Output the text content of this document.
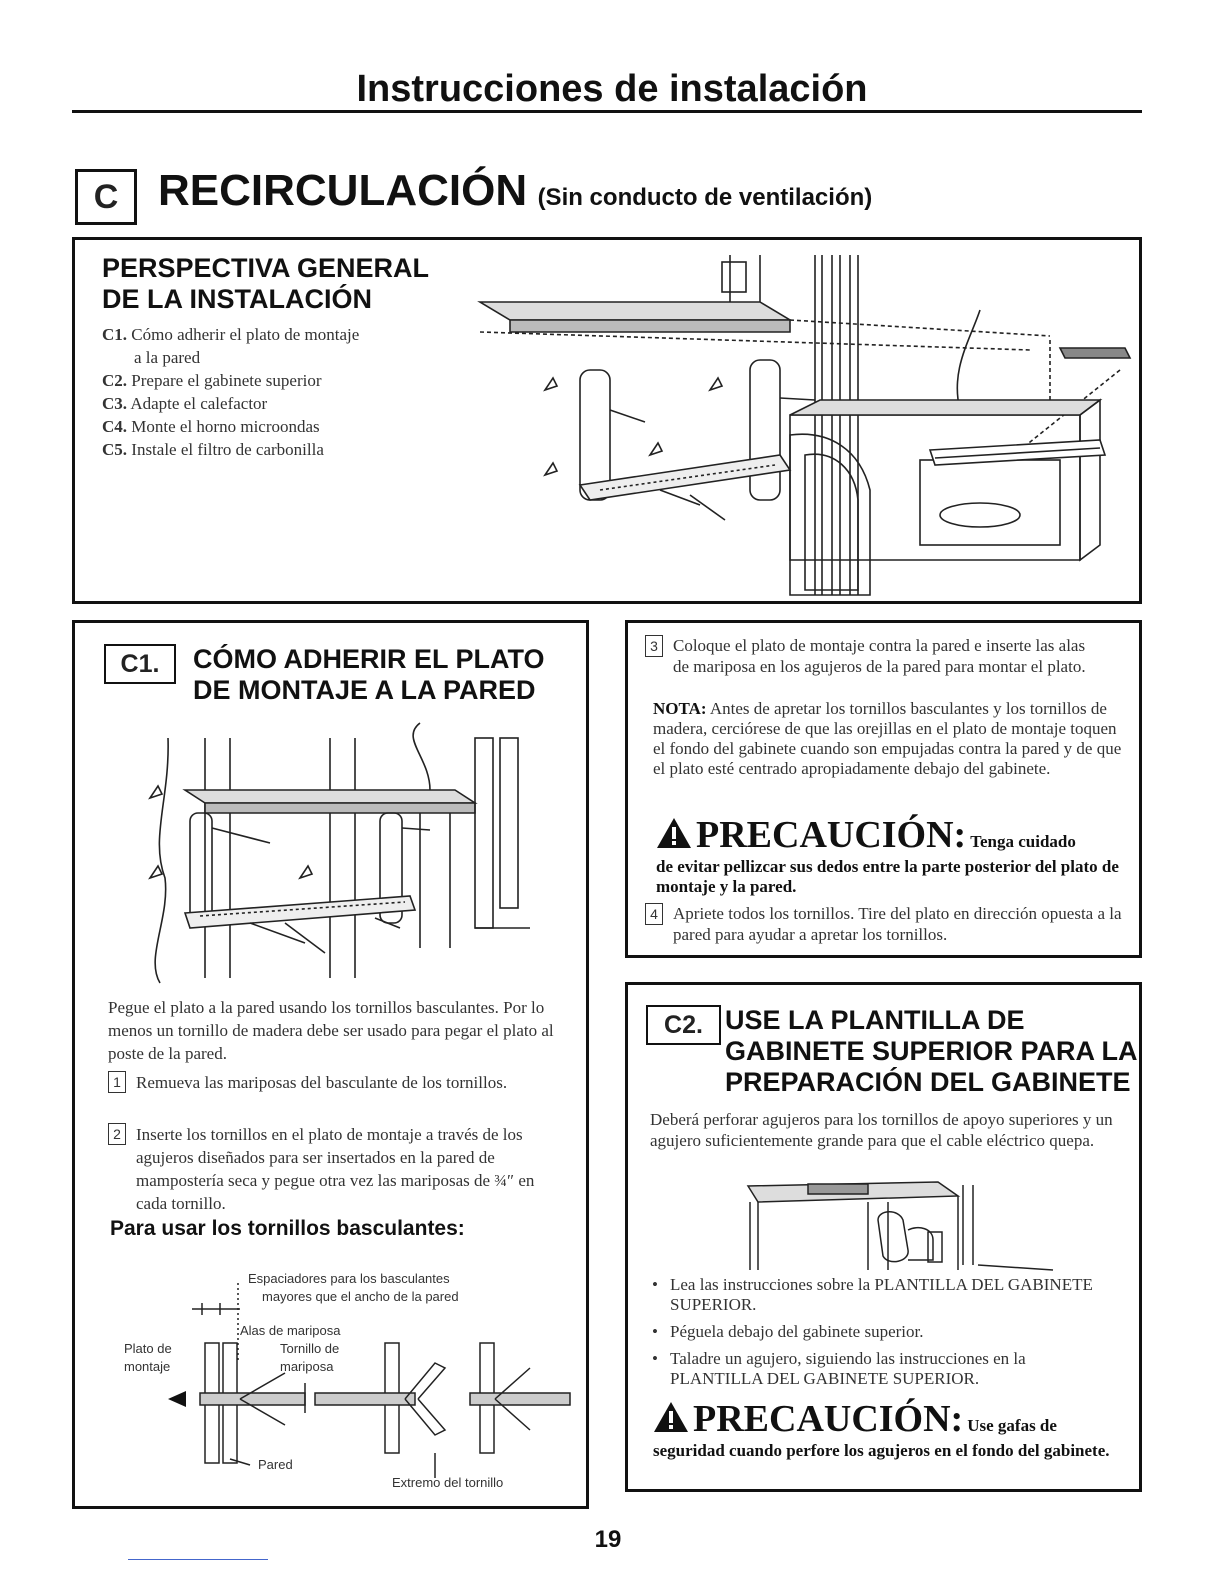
Instrucciones de instalación
C RECIRCULACIÓN (Sin conducto de ventilación)
PERSPECTIVA GENERAL
DE LA INSTALACIÓN
C1. Cómo adherir el plato de montaje
a la pared
C2. Prepare el gabinete superior
C3. Adapte el calefactor
C4. Monte el horno microondas
C5. Instale el filtro de carbonilla
C1.	CÓMO ADHERIR EL PLATO
DE MONTAJE A LA PARED
Pegue el plato a la pared usando los tornillos basculantes. Por lo menos un tornillo de madera debe ser usado para pegar el plato al poste de la pared.
1 Remueva las mariposas del basculante de los tornillos.
2 Inserte los tornillos en el plato de montaje a través de los agujeros diseñados para ser insertados en la pared de mampostería seca y pegue otra vez las mariposas de ¾″ en cada tornillo.
Para usar los tornillos basculantes:
Espaciadores para los basculantes
mayores que el ancho de la pared
Alas de mariposa
Plato de
montaje
Tornillo de
mariposa
Pared
Extremo del tornillo
3 Coloque el plato de montaje contra la pared e inserte las alas de mariposa en los agujeros de la pared para montar el plato.
NOTA: Antes de apretar los tornillos basculantes y los tornillos de madera, cerciórese de que las orejillas en el plato de montaje toquen el fondo del gabinete cuando son empujadas contra la pared y de que el plato esté centrado apropiadamente debajo del gabinete.
PRECAUCIÓN: Tenga cuidado
de evitar pellizcar sus dedos entre la parte posterior del plato de montaje y la pared.
4 Apriete todos los tornillos. Tire del plato en dirección opuesta a la pared para ayudar a apretar los tornillos.
C2. USE LA PLANTILLA DE
GABINETE SUPERIOR PARA LA
PREPARACIÓN DEL GABINETE
Deberá perforar agujeros para los tornillos de apoyo superiores y un agujero suficientemente grande para que el cable eléctrico quepa.
• Lea las instrucciones sobre la PLANTILLA DEL GABINETE SUPERIOR.
• Péguela debajo del gabinete superior.
• Taladre un agujero, siguiendo las instrucciones en la PLANTILLA DEL GABINETE SUPERIOR.
PRECAUCIÓN: Use gafas de
seguridad cuando perfore los agujeros en el fondo del gabinete.
19
